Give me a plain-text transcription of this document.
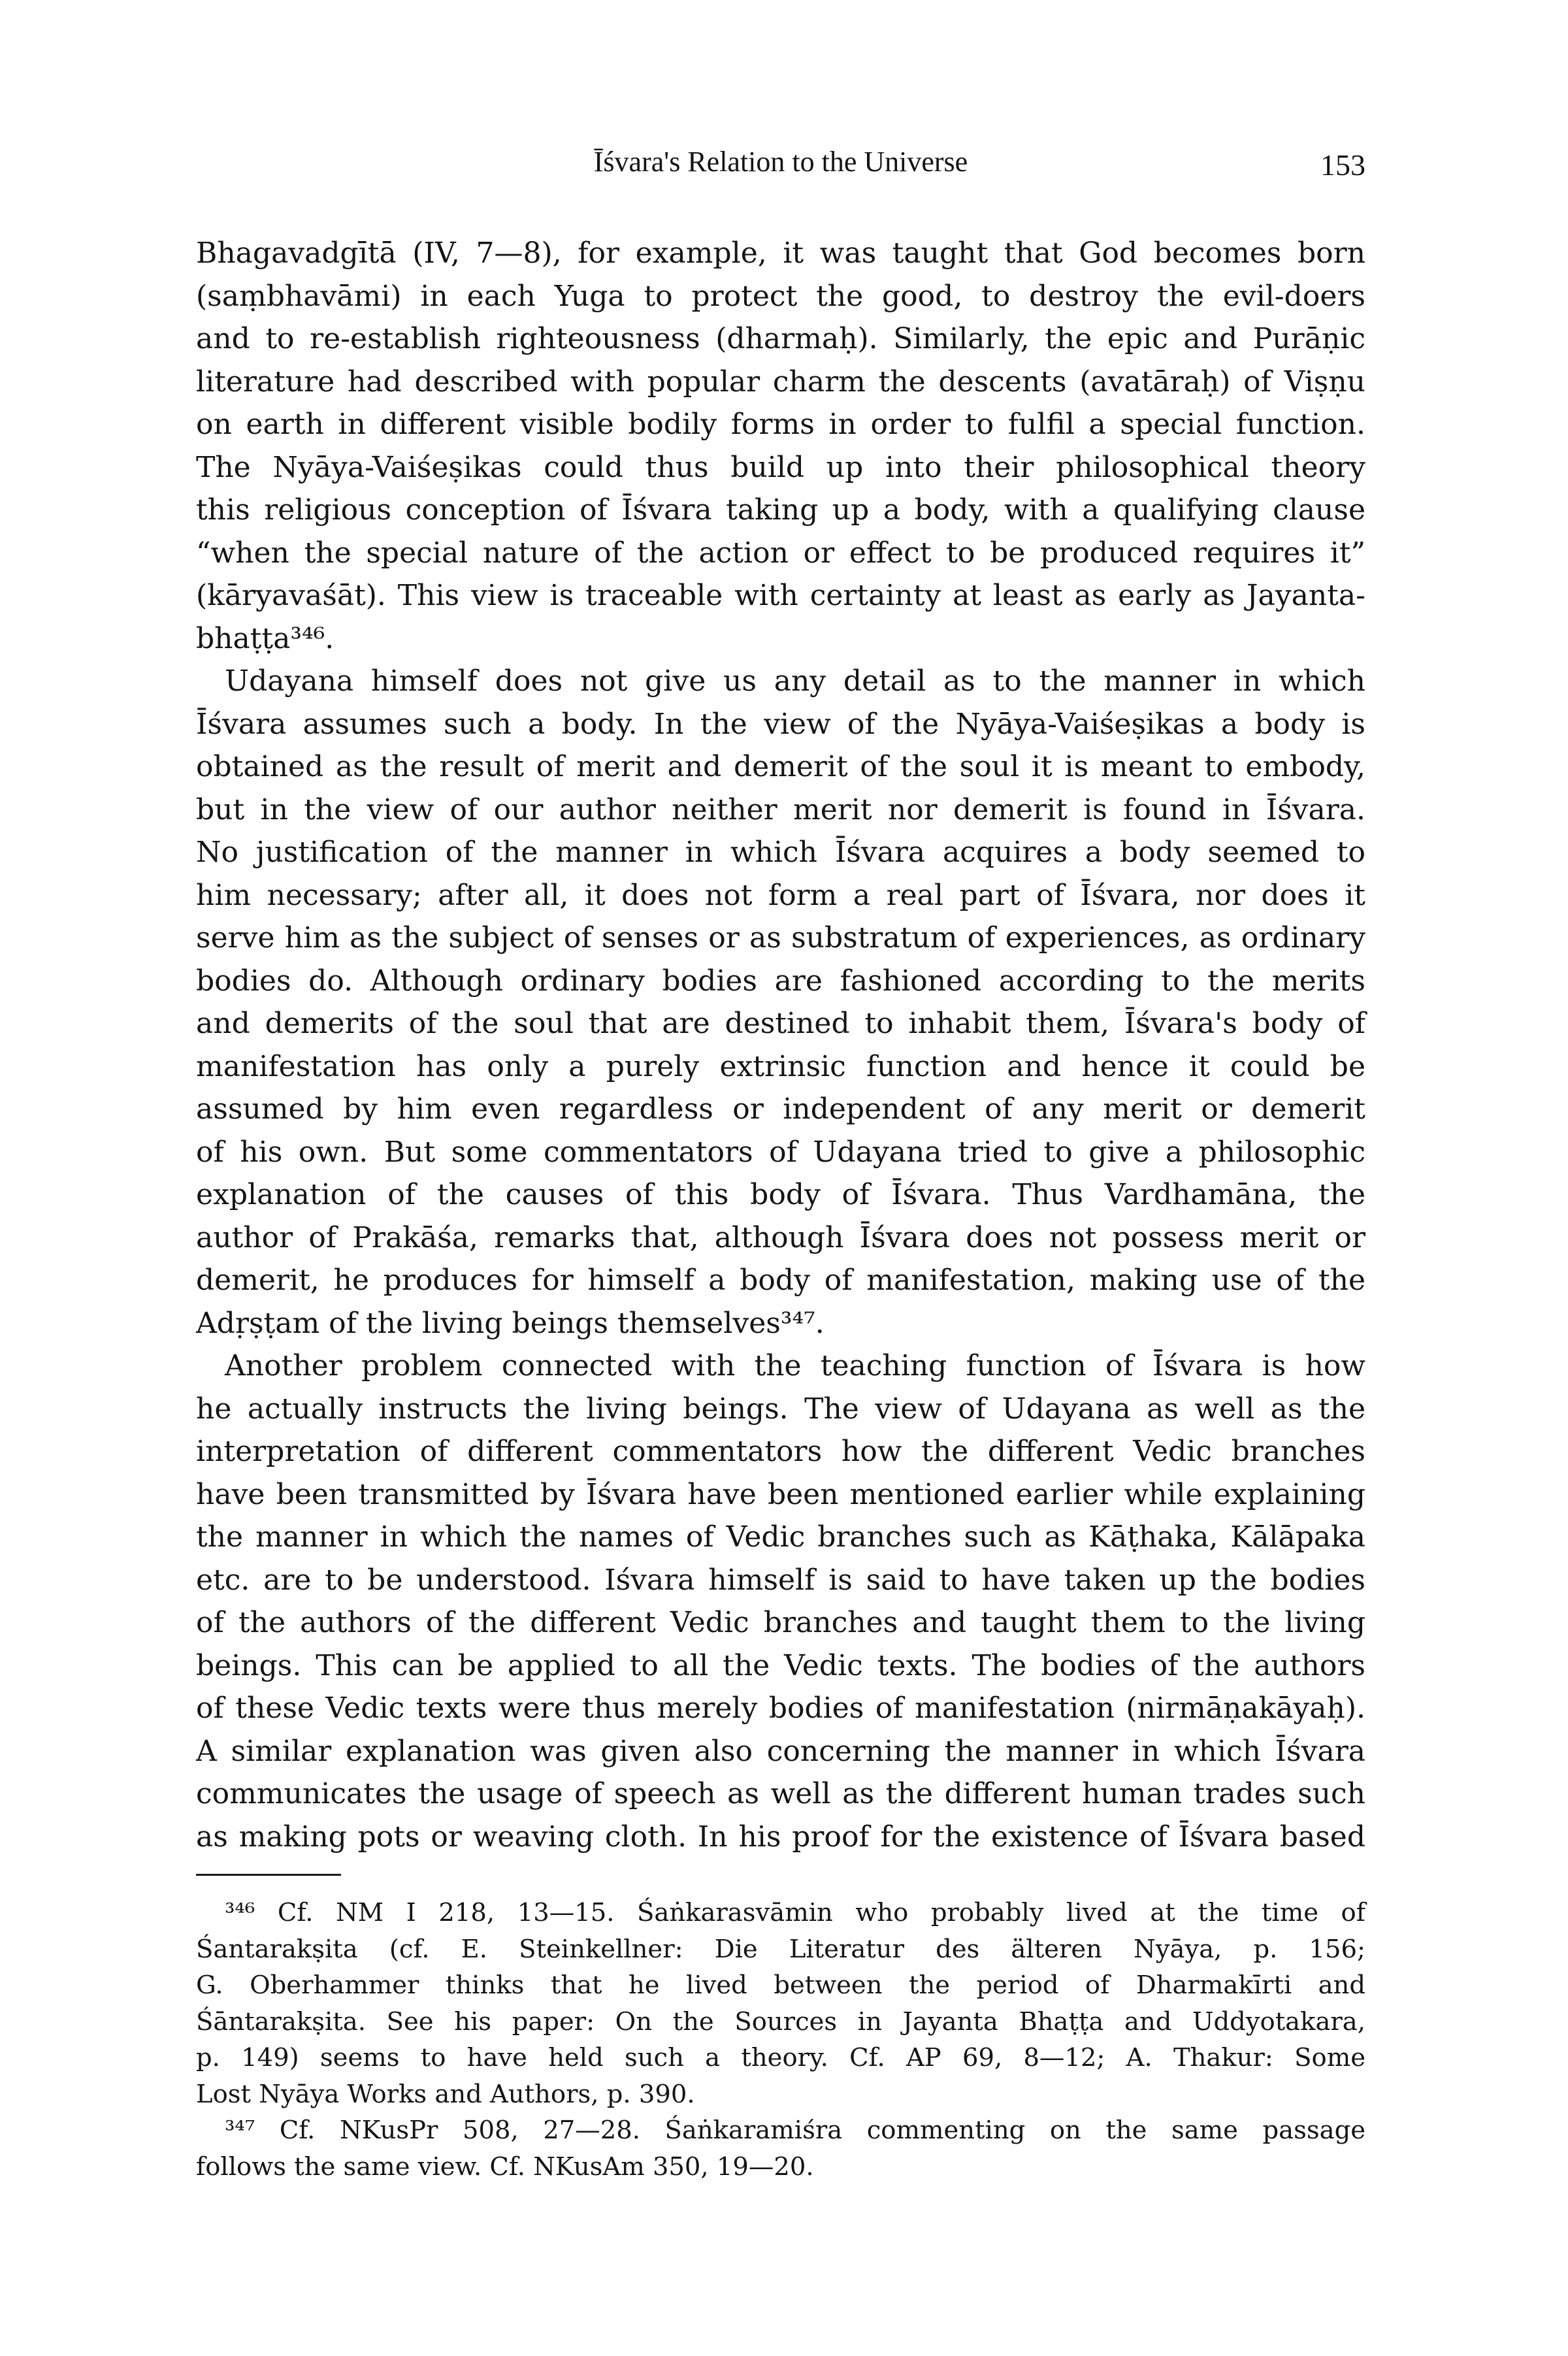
Īśvara's Relation to the Universe	153
Bhagavadgītā (IV, 7—8), for example, it was taught that God becomes born
(saṃbhavāmi) in each Yuga to protect the good, to destroy the evil-doers
and to re-establish righteousness (dharmaḥ). Similarly, the epic and Purāṇic
literature had described with popular charm the descents (avatāraḥ) of Viṣṇu
on earth in different visible bodily forms in order to fulfil a special function.
The Nyāya-Vaiśeṣikas could thus build up into their philosophical theory
this religious conception of Īśvara taking up a body, with a qualifying clause
“when the special nature of the action or effect to be produced requires it”
(kāryavaśāt). This view is traceable with certainty at least as early as Jayanta-
bhaṭṭa³⁴⁶.
Udayana himself does not give us any detail as to the manner in which
Īśvara assumes such a body. In the view of the Nyāya-Vaiśeṣikas a body is
obtained as the result of merit and demerit of the soul it is meant to embody,
but in the view of our author neither merit nor demerit is found in Īśvara.
No justification of the manner in which Īśvara acquires a body seemed to
him necessary; after all, it does not form a real part of Īśvara, nor does it
serve him as the subject of senses or as substratum of experiences, as ordinary
bodies do. Although ordinary bodies are fashioned according to the merits
and demerits of the soul that are destined to inhabit them, Īśvara's body of
manifestation has only a purely extrinsic function and hence it could be
assumed by him even regardless or independent of any merit or demerit
of his own. But some commentators of Udayana tried to give a philosophic
explanation of the causes of this body of Īśvara. Thus Vardhamāna, the
author of Prakāśa, remarks that, although Īśvara does not possess merit or
demerit, he produces for himself a body of manifestation, making use of the
Adṛṣṭam of the living beings themselves³⁴⁷.
Another problem connected with the teaching function of Īśvara is how
he actually instructs the living beings. The view of Udayana as well as the
interpretation of different commentators how the different Vedic branches
have been transmitted by Īśvara have been mentioned earlier while explaining
the manner in which the names of Vedic branches such as Kāṭhaka, Kālāpaka
etc. are to be understood. Iśvara himself is said to have taken up the bodies
of the authors of the different Vedic branches and taught them to the living
beings. This can be applied to all the Vedic texts. The bodies of the authors
of these Vedic texts were thus merely bodies of manifestation (nirmāṇakāyaḥ).
A similar explanation was given also concerning the manner in which Īśvara
communicates the usage of speech as well as the different human trades such
as making pots or weaving cloth. In his proof for the existence of Īśvara based
³⁴⁶ Cf. NM I 218, 13—15. Śaṅkarasvāmin who probably lived at the time of
Śantarakṣita (cf. E. Steinkellner: Die Literatur des älteren Nyāya, p. 156;
G. Oberhammer thinks that he lived between the period of Dharmakīrti and
Śāntarakṣita. See his paper: On the Sources in Jayanta Bhaṭṭa and Uddyotakara,
p. 149) seems to have held such a theory. Cf. AP 69, 8—12; A. Thakur: Some
Lost Nyāya Works and Authors, p. 390.
³⁴⁷ Cf. NKusPr 508, 27—28. Śaṅkaramiśra commenting on the same passage
follows the same view. Cf. NKusAm 350, 19—20.
